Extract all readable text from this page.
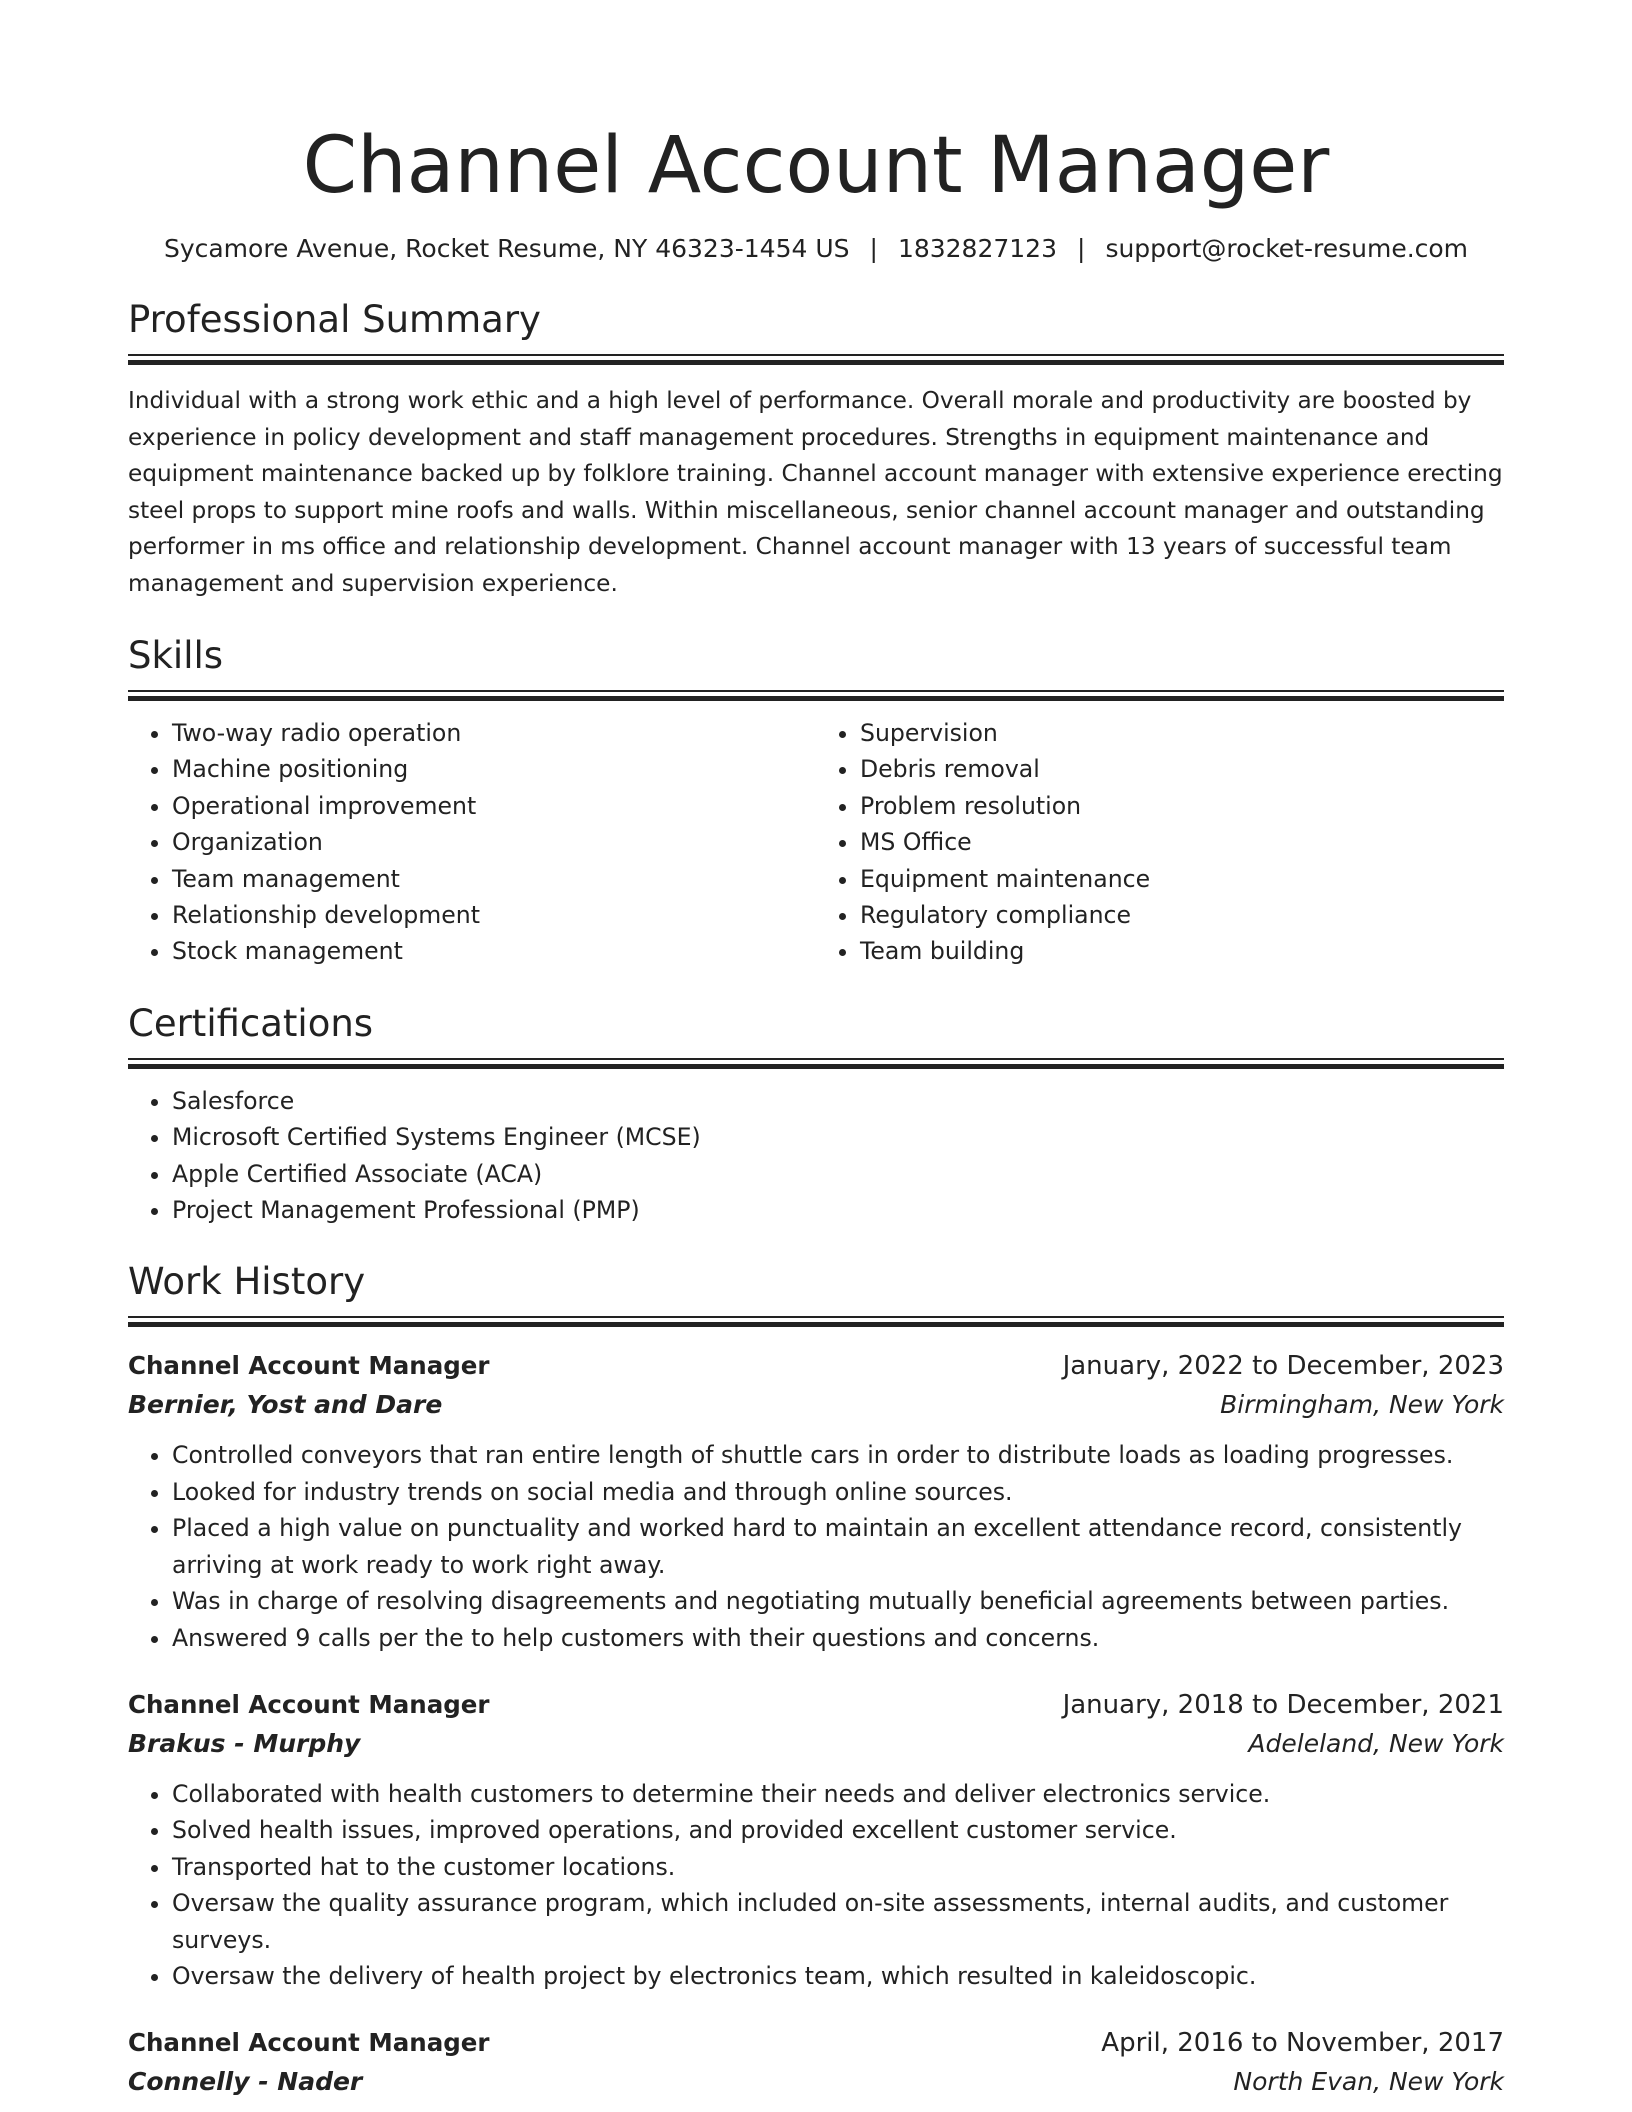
Channel Account Manager
Sycamore Avenue, Rocket Resume, NY 46323-1454 US | 1832827123 | support@rocket-resume.com
Professional Summary

Individual with a strong work ethic and a high level of performance. Overall morale and productivity are boosted by experience in policy development and staff management procedures. Strengths in equipment maintenance and equipment maintenance backed up by folklore training. Channel account manager with extensive experience erecting steel props to support mine roofs and walls. Within miscellaneous, senior channel account manager and outstanding performer in ms office and relationship development. Channel account manager with 13 years of successful team management and supervision experience.

Skills
• Two-way radio operation
• Machine positioning
• Operational improvement
• Organization
• Team management
• Relationship development
• Stock management
• Supervision
• Debris removal
• Problem resolution
• MS Office
• Equipment maintenance
• Regulatory compliance
• Team building
Certifications
• Salesforce
• Microsoft Certified Systems Engineer (MCSE)
• Apple Certified Associate (ACA)
• Project Management Professional (PMP)
Work History
Channel Account Manager	January, 2022 to December, 2023
Bernier, Yost and Dare	Birmingham, New York
• Controlled conveyors that ran entire length of shuttle cars in order to distribute loads as loading progresses.
• Looked for industry trends on social media and through online sources.
• Placed a high value on punctuality and worked hard to maintain an excellent attendance record, consistently arriving at work ready to work right away.
• Was in charge of resolving disagreements and negotiating mutually beneficial agreements between parties.
• Answered 9 calls per the to help customers with their questions and concerns.
Channel Account Manager	January, 2018 to December, 2021
Brakus - Murphy	Adeleland, New York
• Collaborated with health customers to determine their needs and deliver electronics service.
• Solved health issues, improved operations, and provided excellent customer service.
• Transported hat to the customer locations.
• Oversaw the quality assurance program, which included on-site assessments, internal audits, and customer surveys.
• Oversaw the delivery of health project by electronics team, which resulted in kaleidoscopic.
Channel Account Manager	April, 2016 to November, 2017
Connelly - Nader	North Evan, New York
